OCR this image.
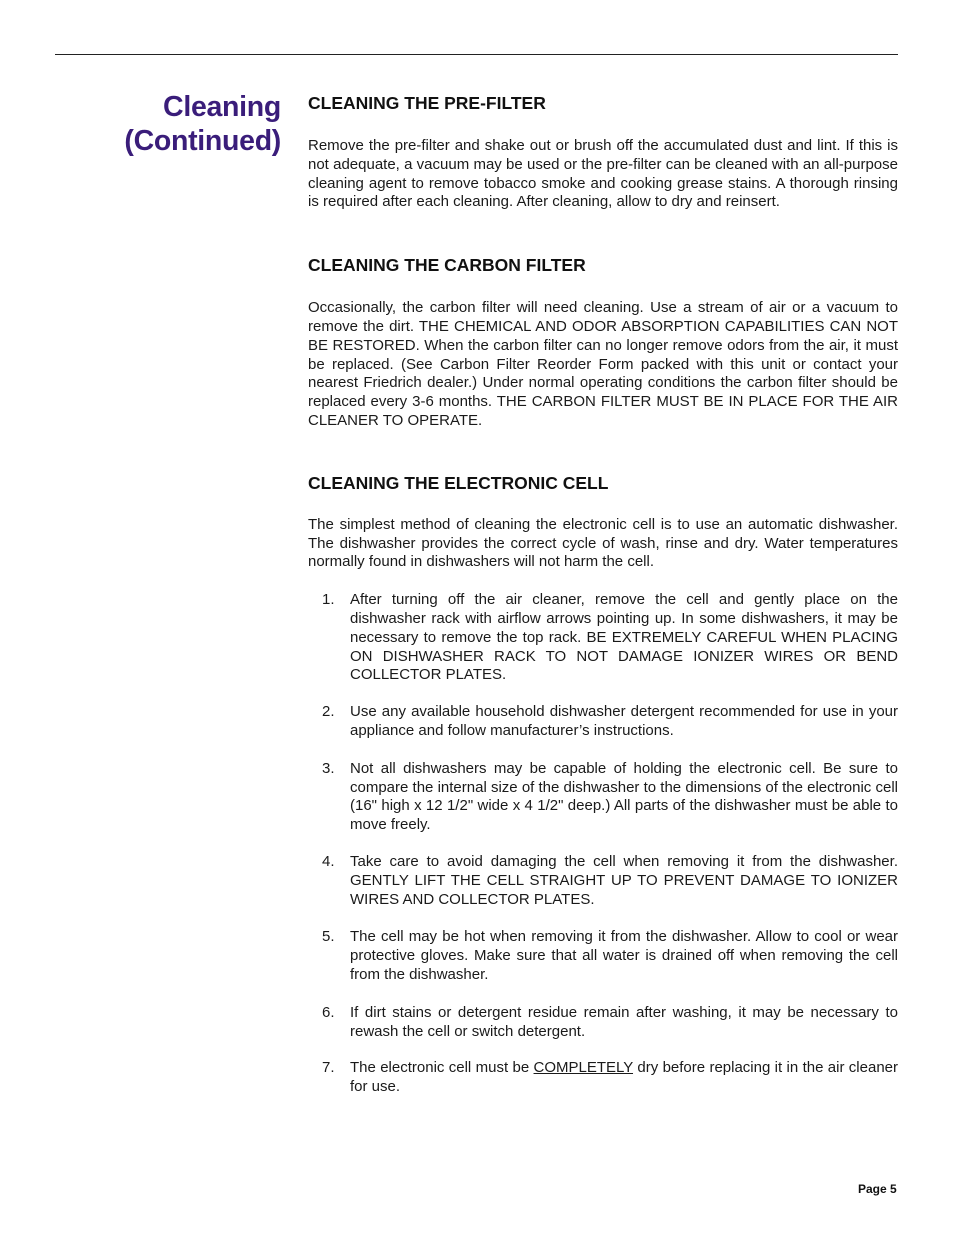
Cleaning
(Continued)
CLEANING THE PRE-FILTER

Remove the pre-filter and shake out or brush off the accumulated dust and lint. If this is not adequate, a vacuum may be used or the pre-filter can be cleaned with an all-purpose cleaning agent to remove tobacco smoke and cooking grease stains. A thorough rinsing is required after each cleaning. After cleaning, allow to dry and reinsert.

CLEANING THE CARBON FILTER

Occasionally, the carbon filter will need cleaning. Use a stream of air or a vacuum to remove the dirt. THE CHEMICAL AND ODOR ABSORPTION CAPABILITIES CAN NOT BE RESTORED. When the carbon filter can no longer remove odors from the air, it must be replaced. (See Carbon Filter Reorder Form packed with this unit or contact your nearest Friedrich dealer.) Under normal operating conditions the carbon filter should be replaced every 3-6 months. THE CARBON FILTER MUST BE IN PLACE FOR THE AIR CLEANER TO OPERATE.

CLEANING THE ELECTRONIC CELL

The simplest method of cleaning the electronic cell is to use an automatic dishwasher. The dishwasher provides the correct cycle of wash, rinse and dry. Water temperatures normally found in dishwashers will not harm the cell.

1. After turning off the air cleaner, remove the cell and gently place on the dishwasher rack with airflow arrows pointing up. In some dishwashers, it may be necessary to remove the top rack. BE EXTREMELY CAREFUL WHEN PLACING ON DISHWASHER RACK TO NOT DAMAGE IONIZER WIRES OR BEND COLLECTOR PLATES.
2. Use any available household dishwasher detergent recommended for use in your appliance and follow manufacturer’s instructions.
3. Not all dishwashers may be capable of holding the electronic cell. Be sure to compare the internal size of the dishwasher to the dimensions of the electronic cell (16" high x 12 1/2" wide x 4 1/2" deep.) All parts of the dishwasher must be able to move freely.
4. Take care to avoid damaging the cell when removing it from the dishwasher. GENTLY LIFT THE CELL STRAIGHT UP TO PREVENT DAMAGE TO IONIZER WIRES AND COLLECTOR PLATES.
5. The cell may be hot when removing it from the dishwasher. Allow to cool or wear protective gloves. Make sure that all water is drained off when removing the cell from the dishwasher.
6. If dirt stains or detergent residue remain after washing, it may be necessary to rewash the cell or switch detergent.
7. The electronic cell must be COMPLETELY dry before replacing it in the air cleaner for use.
Page 5
